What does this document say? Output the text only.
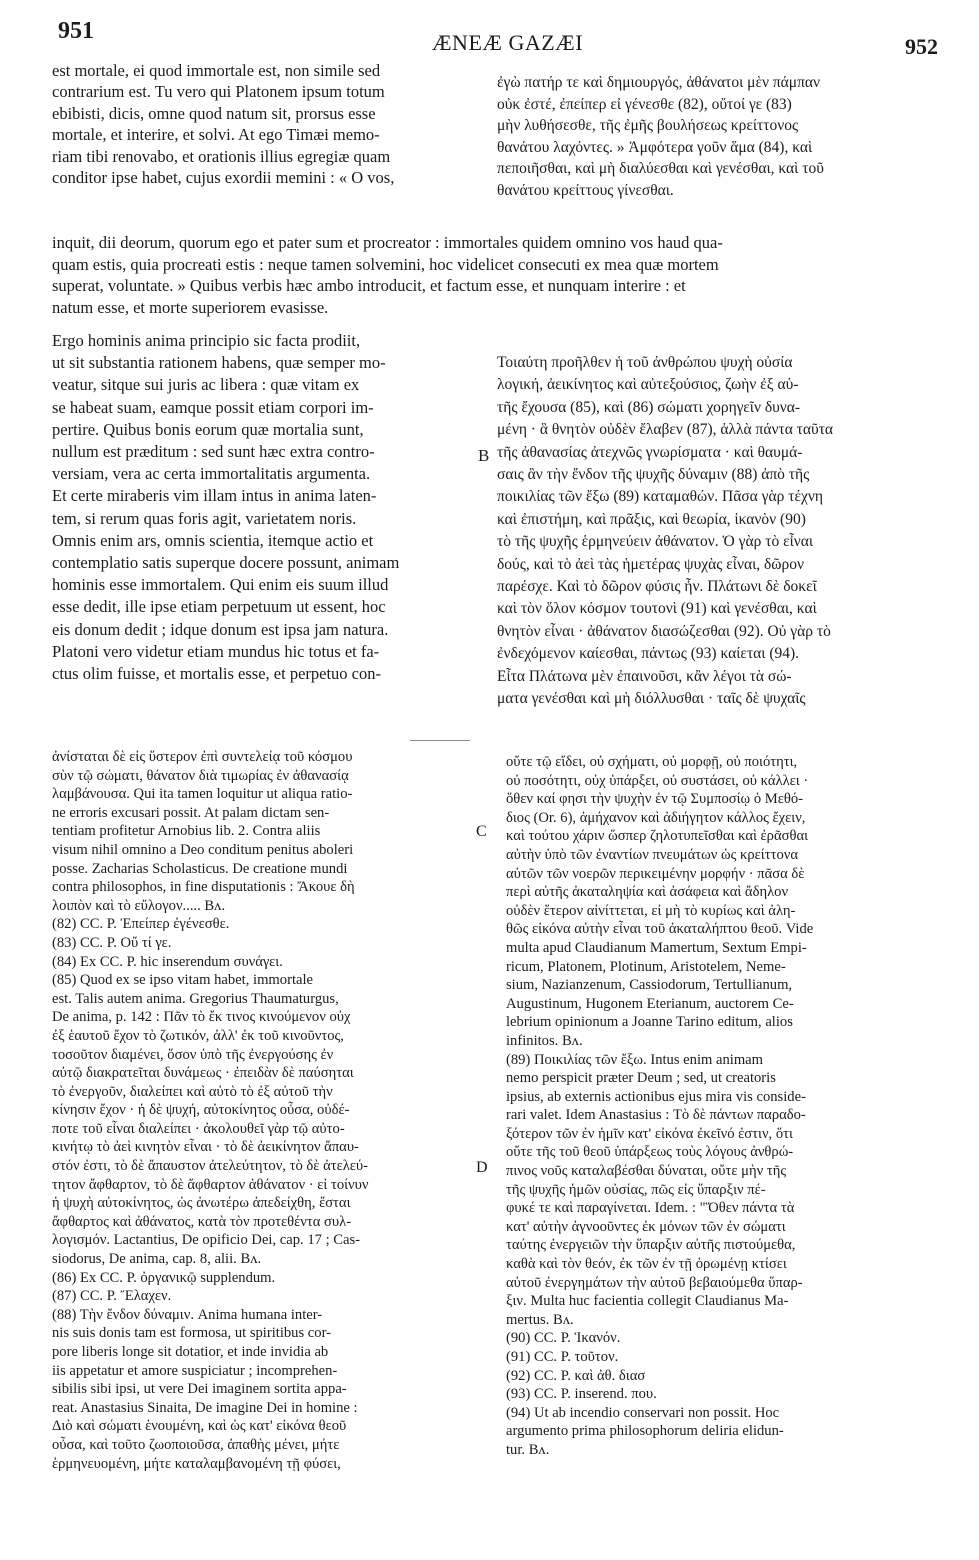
951	ÆNEÆ GAZÆI	952
est mortale, ei quod immortale est, non simile sed
contrarium est. Tu vero qui Platonem ipsum totum
ebibisti, dicis, omne quod natum sit, prorsus esse
mortale, et interire, et solvi. At ego Timæi memo-
riam tibi renovabo, et orationis illius egregiæ quam
conditor ipse habet, cujus exordii memini : « O vos,
ἐγὼ πατήρ τε καὶ δημιουργός, ἀθάνατοι μὲν πάμπαν
οὐκ ἐστέ, ἐπείπερ εἰ γένεσθε (82), οὔτοί γε (83)
μὴν λυθήσεσθε, τῆς ἐμῆς βουλήσεως κρείττονος
θανάτου λαχόντες. » Ἀμφότερα γοῦν ἅμα (84), καὶ
πεποιῆσθαι, καὶ μὴ διαλύεσθαι καὶ γενέσθαι, καὶ τοῦ
θανάτου κρείττους γίνεσθαι.
inquit, dii deorum, quorum ego et pater sum et procreator : immortales quidem omnino vos haud qua-
quam estis, quia procreati estis : neque tamen solvemini, hoc videlicet consecuti ex mea quæ mortem
superat, voluntate. » Quibus verbis hæc ambo introducit, et factum esse, et nunquam interire : et
natum esse, et morte superiorem evasisse.
Ergo hominis anima principio sic facta prodiit,
ut sit substantia rationem habens, quæ semper mo-
veatur, sitque sui juris ac libera : quæ vitam ex
se habeat suam, eamque possit etiam corpori im-
pertire. Quibus bonis eorum quæ mortalia sunt,
nullum est præditum : sed sunt hæc extra contro-
versiam, vera ac certa immortalitatis argumenta.
Et certe miraberis vim illam intus in anima laten-
tem, si rerum quas foris agit, varietatem noris.
Omnis enim ars, omnis scientia, itemque actio et
contemplatio satis superque docere possunt, animam
hominis esse immortalem. Qui enim eis suum illud
esse dedit, ille ipse etiam perpetuum ut essent, hoc
eis donum dedit ; idque donum est ipsa jam natura.
Platoni vero videtur etiam mundus hic totus et fa-
ctus olim fuisse, et mortalis esse, et perpetuo con-
B
Τοιαύτη προῆλθεν ἡ τοῦ ἀνθρώπου ψυχὴ οὐσία
λογική, ἀεικίνητος καὶ αὐτεξούσιος, ζωὴν ἐξ αὑ-
τῆς ἔχουσα (85), καὶ (86) σώματι χορηγεῖν δυνα-
μένη · ἃ θνητὸν οὐδὲν ἔλαβεν (87), ἀλλὰ πάντα ταῦτα
τῆς ἀθανασίας ἀτεχνῶς γνωρίσματα · καὶ θαυμά-
σαις ἂν τὴν ἔνδον τῆς ψυχῆς δύναμιν (88) ἀπὸ τῆς
ποικιλίας τῶν ἔξω (89) καταμαθών. Πᾶσα γὰρ τέχνη
καὶ ἐπιστήμη, καὶ πρᾶξις, καὶ θεωρία, ἱκανὸν (90)
τὸ τῆς ψυχῆς ἑρμηνεύειν ἀθάνατον. Ὁ γὰρ τὸ εἶναι
δούς, καὶ τὸ ἀεὶ τὰς ἡμετέρας ψυχὰς εἶναι, δῶρον
παρέσχε. Καὶ τὸ δῶρον φύσις ἦν. Πλάτωνι δὲ δοκεῖ
καὶ τὸν ὅλον κόσμον τουτονὶ (91) καὶ γενέσθαι, καὶ
θνητὸν εἶναι · ἀθάνατον διασώζεσθαι (92). Οὐ γὰρ τὸ
ἐνδεχόμενον καίεσθαι, πάντως (93) καίεται (94).
Εἶτα Πλάτωνα μὲν ἐπαινοῦσι, κἂν λέγοι τὰ σώ-
ματα γενέσθαι καὶ μὴ διόλλυσθαι · ταῖς δὲ ψυχαῖς
ἀνίσταται δὲ εἰς ὕστερον ἐπὶ συντελείᾳ τοῦ κόσμου
σὺν τῷ σώματι, θάνατον διὰ τιμωρίας ἐν ἀθανασίᾳ
λαμβάνουσα. Qui ita tamen loquitur ut aliqua ratio-
ne erroris excusari possit. At palam dictam sen-
tentiam profitetur Arnobius lib. 2. Contra aliis
visum nihil omnino a Deo conditum penitus aboleri
posse. Zacharias Scholasticus. De creatione mundi
contra philosophos, in fine disputationis : Ἄκουε δὴ
λοιπὸν καὶ τὸ εὔλογον..... Bʌ.
(82) CC. P. Ἐπείπερ ἐγένεσθε.
(83) CC. P. Οὔ τί γε.
(84) Ex CC. P. hic inserendum συνάγει.
(85) Quod ex se ipso vitam habet, immortale
est. Talis autem anima. Gregorius Thaumaturgus,
De anima, p. 142 : Πᾶν τὸ ἔκ τινος κινούμενον οὐχ
ἐξ ἑαυτοῦ ἔχον τὸ ζωτικόν, ἀλλ' ἐκ τοῦ κινοῦντος,
τοσοῦτον διαμένει, ὅσον ὑπὸ τῆς ἐνεργούσης ἐν
αὐτῷ διακρατεῖται δυνάμεως · ἐπειδὰν δὲ παύσηται
τὸ ἐνεργοῦν, διαλείπει καὶ αὐτὸ τὸ ἐξ αὐτοῦ τὴν
κίνησιν ἔχον · ἡ δὲ ψυχή, αὐτοκίνητος οὖσα, οὐδέ-
ποτε τοῦ εἶναι διαλείπει · ἀκολουθεῖ γὰρ τῷ αὐτο-
κινήτῳ τὸ ἀεὶ κινητὸν εἶναι · τὸ δὲ ἀεικίνητον ἄπαυ-
στόν ἐστι, τὸ δὲ ἄπαυστον ἀτελεύτητον, τὸ δὲ ἀτελεύ-
τητον ἄφθαρτον, τὸ δὲ ἄφθαρτον ἀθάνατον · εἰ τοίνυν
ἡ ψυχὴ αὐτοκίνητος, ὡς ἀνωτέρω ἀπεδείχθη, ἔσται
ἄφθαρτος καὶ ἀθάνατος, κατὰ τὸν προτεθέντα συλ-
λογισμόν. Lactantius, De opificio Dei, cap. 17 ; Cas-
siodorus, De anima, cap. 8, alii. Bʌ.
(86) Ex CC. P. ὀργανικῷ supplendum.
(87) CC. P. Ἔλαχεν.
(88) Τὴν ἔνδον δύναμιν. Anima humana inter-
nis suis donis tam est formosa, ut spiritibus cor-
pore liberis longe sit dotatior, et inde invidia ab
iis appetatur et amore suspiciatur ; incomprehen-
sibilis sibi ipsi, ut vere Dei imaginem sortita appa-
reat. Anastasius Sinaita, De imagine Dei in homine :
Διὸ καὶ σώματι ἑνουμένη, καὶ ὡς κατ' εἰκόνα θεοῦ
οὖσα, καὶ τοῦτο ζωοποιοῦσα, ἀπαθὴς μένει, μήτε
ἑρμηνευομένη, μήτε καταλαμβανομένη τῇ φύσει,
C
D
οὔτε τῷ εἴδει, οὐ σχήματι, οὐ μορφῇ, οὐ ποιότητι,
οὐ ποσότητι, οὐχ ὑπάρξει, οὐ συστάσει, οὐ κάλλει ·
ὅθεν καί φησι τὴν ψυχὴν ἐν τῷ Συμποσίῳ ὁ Μεθό-
διος (Or. 6), ἀμήχανον καὶ ἀδιήγητον κάλλος ἔχειν,
καὶ τούτου χάριν ὥσπερ ζηλοτυπεῖσθαι καὶ ἐρᾶσθαι
αὐτὴν ὑπὸ τῶν ἐναντίων πνευμάτων ὡς κρείττονα
αὐτῶν τῶν νοερῶν περικειμένην μορφήν · πᾶσα δὲ
περὶ αὐτῆς ἀκαταληψία καὶ ἀσάφεια καὶ ἄδηλον
οὐδὲν ἕτερον αἰνίττεται, εἰ μὴ τὸ κυρίως καὶ ἀλη-
θῶς εἰκόνα αὐτὴν εἶναι τοῦ ἀκαταλήπτου θεοῦ. Vide
multa apud Claudianum Mamertum, Sextum Empi-
ricum, Platonem, Plotinum, Aristotelem, Neme-
sium, Nazianzenum, Cassiodorum, Tertullianum,
Augustinum, Hugonem Eterianum, auctorem Ce-
lebrium opinionum a Joanne Tarino editum, alios
infinitos. Bʌ.
(89) Ποικιλίας τῶν ἔξω. Intus enim animam
nemo perspicit præter Deum ; sed, ut creatoris
ipsius, ab externis actionibus ejus mira vis conside-
rari valet. Idem Anastasius : Τὸ δὲ πάντων παραδο-
ξότερον τῶν ἐν ἡμῖν κατ' εἰκόνα ἐκεῖνό ἐστιν, ὅτι
οὔτε τῆς τοῦ θεοῦ ὑπάρξεως τοὺς λόγους ἀνθρώ-
πινος νοῦς καταλαβέσθαι δύναται, οὔτε μὴν τῆς
τῆς ψυχῆς ἡμῶν οὐσίας, πῶς εἰς ὕπαρξιν πέ-
φυκέ τε καὶ παραγίνεται. Idem. : "Ὅθεν πάντα τὰ
κατ' αὐτὴν ἀγνοοῦντες ἐκ μόνων τῶν ἐν σώματι
ταύτης ἐνεργειῶν τὴν ὕπαρξιν αὐτῆς πιστούμεθα,
καθὰ καὶ τὸν θεόν, ἐκ τῶν ἐν τῇ ὁρωμένῃ κτίσει
αὐτοῦ ἐνεργημάτων τὴν αὐτοῦ βεβαιούμεθα ὕπαρ-
ξιν. Multa huc facientia collegit Claudianus Ma-
mertus. Bʌ.
(90) CC. P. Ἱκανόν.
(91) CC. P. τοῦτον.
(92) CC. P. καὶ ἀθ. διασ
(93) CC. P. inserend. που.
(94) Ut ab incendio conservari non possit. Hoc
argumento prima philosophorum deliria elidun-
tur. Bʌ.
